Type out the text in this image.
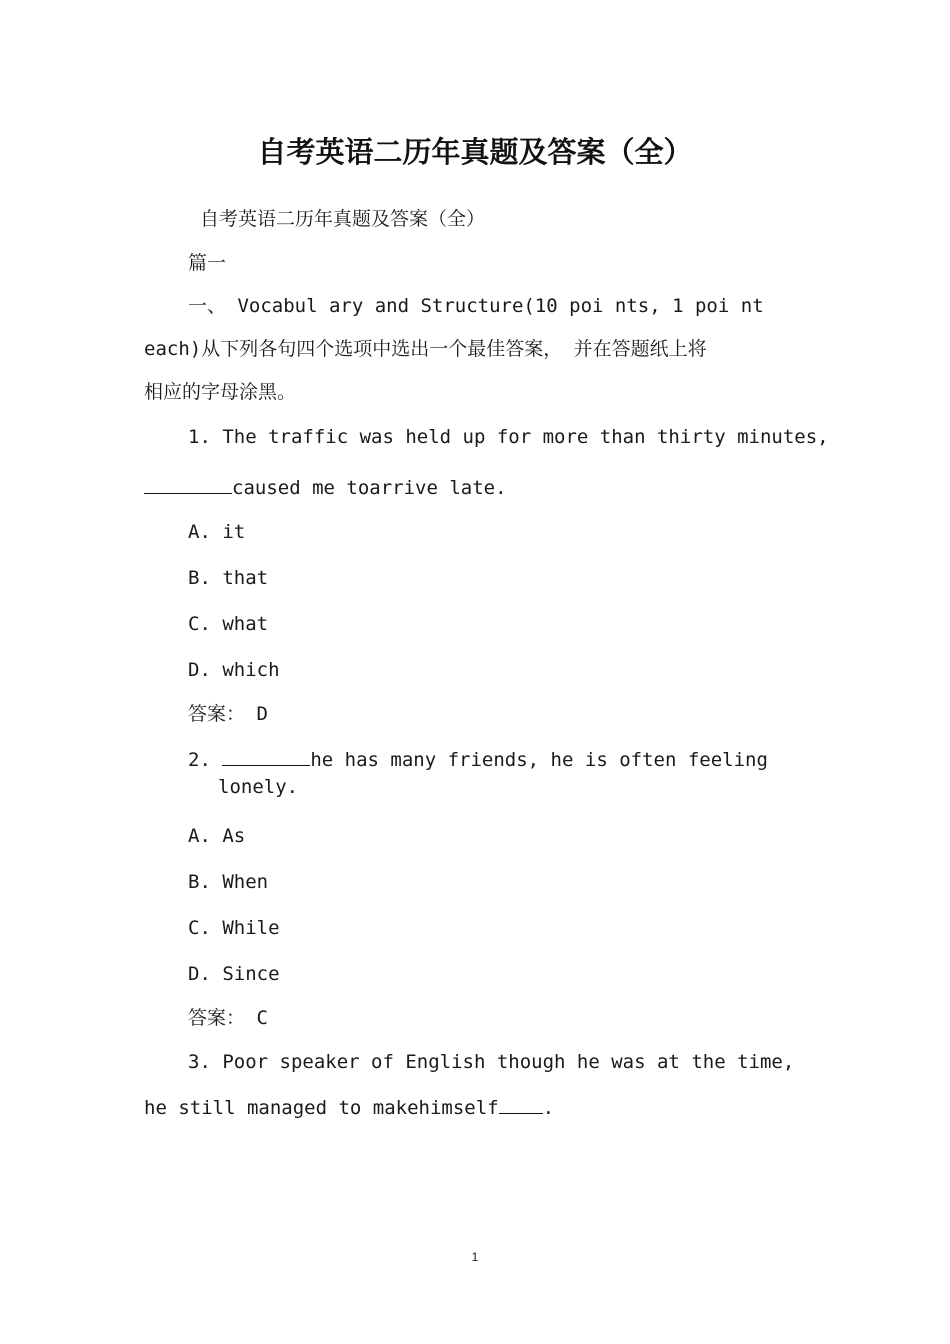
自考英语二历年真题及答案（全）
自考英语二历年真题及答案（全）
篇一
一、 Vocabul ary and Structure(10 poi nts, 1 poi nt
each)从下列各句四个选项中选出一个最佳答案， 并在答题纸上将
相应的字母涂黑。
1. The traffic was held up for more than thirty minutes,
caused me toarrive late.
A. it
B. that
C. what
D. which
答案： D
2.	he has many friends, he is often feeling
lonely.
A. As
B. When
C. While
D. Since
答案： C
3. Poor speaker of English though he was at the time,
he still managed to makehimself .
1
